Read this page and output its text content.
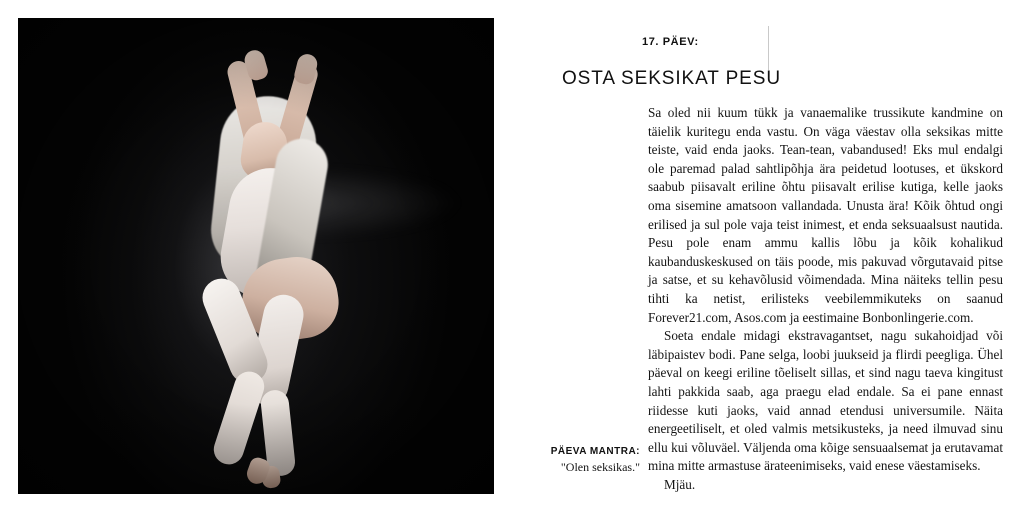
17. PÄEV:
OSTA SEKSIKAT PESU

Sa oled nii kuum tükk ja vanaemalike trussikute kandmine on täielik kuritegu enda vastu. On väga väestav olla seksikas mitte teiste, vaid enda jaoks. Tean-tean, vabandused! Eks mul endalgi ole paremad palad sahtlipõhja ära peidetud lootuses, et ükskord saabub piisavalt eriline õhtu piisavalt erilise kutiga, kelle jaoks oma sisemine amatsoon vallandada. Unusta ära! Kõik õhtud ongi erilised ja sul pole vaja teist inimest, et enda seksuaalsust nautida. Pesu pole enam ammu kallis lõbu ja kõik kohalikud kaubanduskeskused on täis poode, mis pakuvad võrgutavaid pitse ja satse, et su kehavõlusid võimendada. Mina näiteks tellin pesu tihti ka netist, erilisteks veebilemmikuteks on saanud Forever21.com, Asos.com ja eestimaine Bonbonlingerie.com.

Soeta endale midagi ekstravagantset, nagu sukahoidjad või läbipaistev bodi. Pane selga, loobi juukseid ja flirdi peegliga. Ühel päeval on keegi eriline tõeliselt sillas, et sind nagu taeva kingitust lahti pakkida saab, aga praegu elad endale. Sa ei pane ennast riidesse kuti jaoks, vaid annad etendusi universumile. Näita energeetiliselt, et oled valmis metsikusteks, ja need ilmuvad sinu ellu kui võluväel. Väljenda oma kõige sensuaalsemat ja erutavamat mina mitte armastuse ärateenimiseks, vaid enese väestamiseks.

Mjäu.

PÄEVA MANTRA:

"Olen seksikas."
